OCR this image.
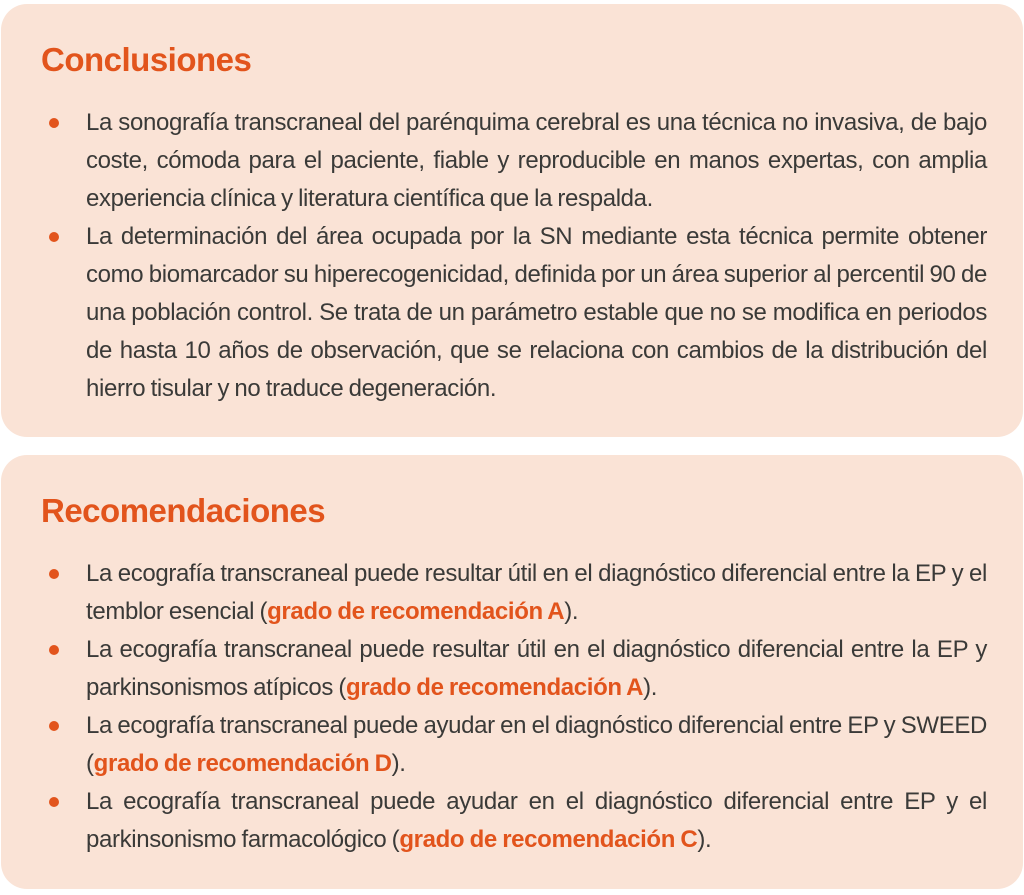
Conclusiones
La sonografía transcraneal del parénquima cerebral es una técnica no invasiva, de bajo coste, cómoda para el paciente, fiable y reproducible en manos expertas, con amplia experiencia clínica y literatura científica que la respalda.
La determinación del área ocupada por la SN mediante esta técnica permite obtener como biomarcador su hiperecogenicidad, definida por un área superior al percentil 90 de una población control. Se trata de un parámetro estable que no se modifica en periodos de hasta 10 años de observación, que se relaciona con cambios de la distribución del hierro tisular y no traduce degeneración.
Recomendaciones
La ecografía transcraneal puede resultar útil en el diagnóstico diferencial entre la EP y el temblor esencial (grado de recomendación A).
La ecografía transcraneal puede resultar útil en el diagnóstico diferencial entre la EP y parkinsonismos atípicos (grado de recomendación A).
La ecografía transcraneal puede ayudar en el diagnóstico diferencial entre EP y SWEED (grado de recomendación D).
La ecografía transcraneal puede ayudar en el diagnóstico diferencial entre EP y el parkinsonismo farmacológico (grado de recomendación C).
